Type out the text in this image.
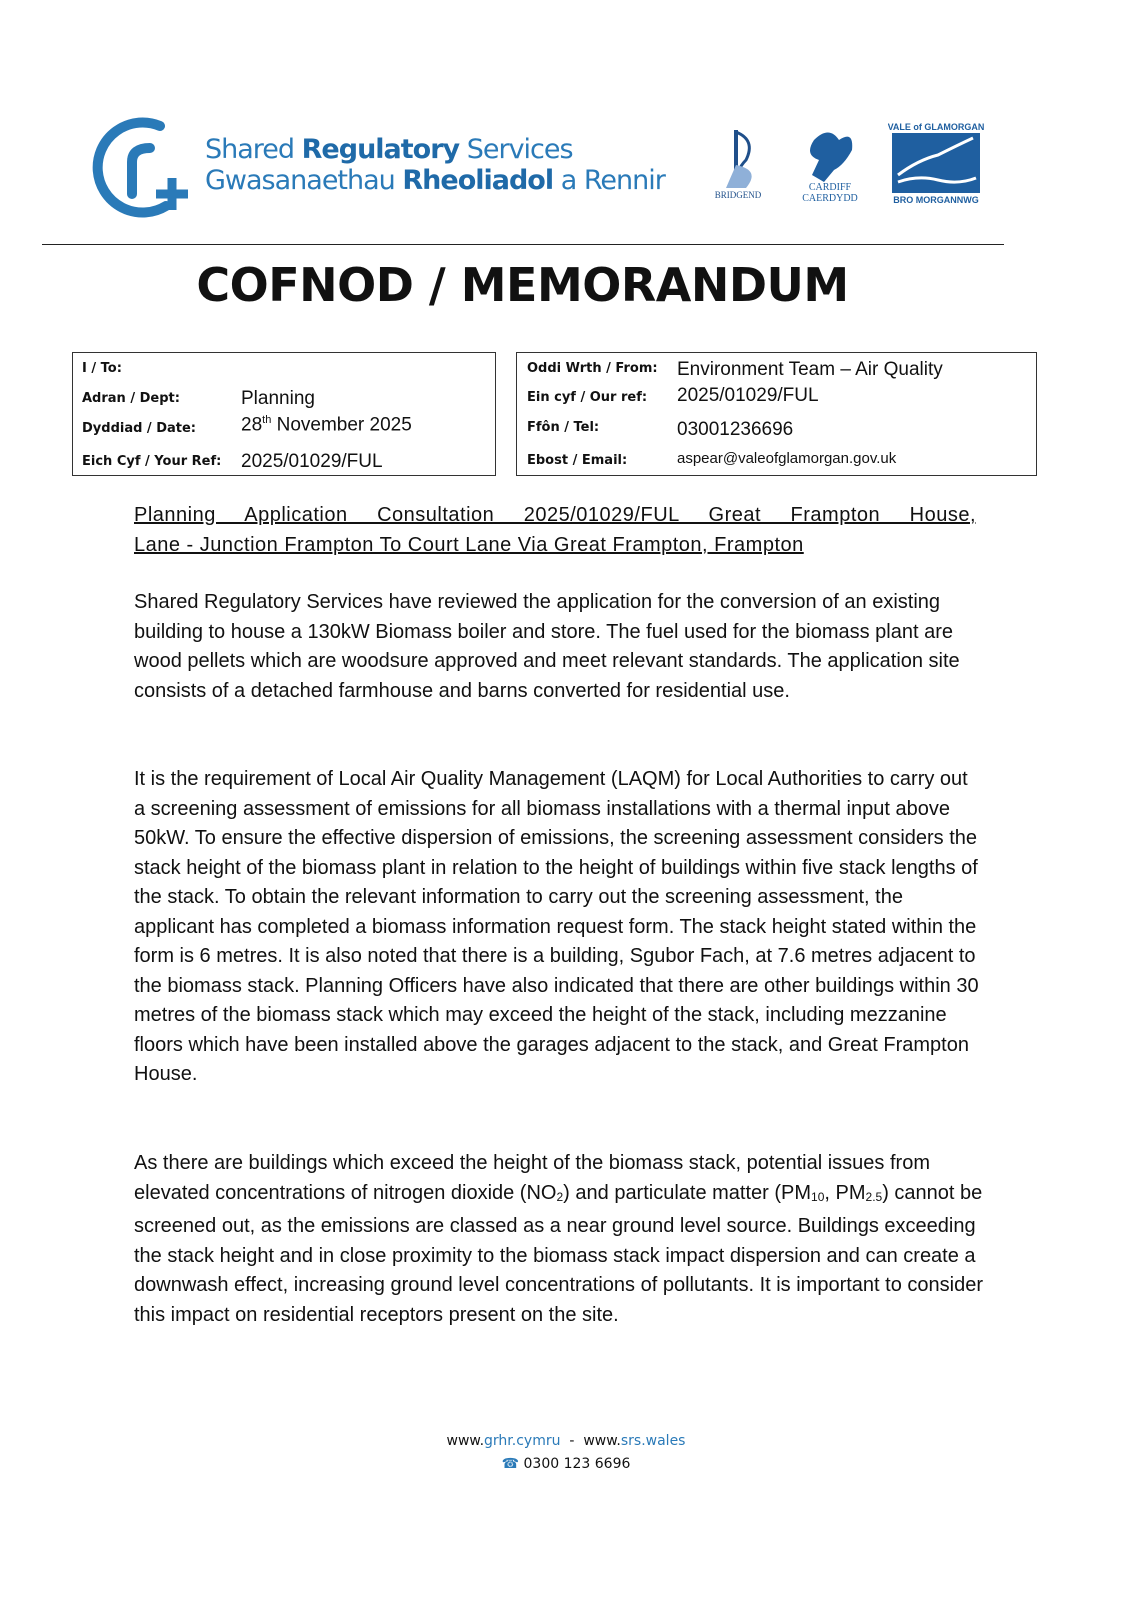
Shared Regulatory Services
Gwasanaethau Rheoliadol a Rennir	BRIDGEND
CARDIFF
CAERDYDD
VALE of GLAMORGAN
BRO MORGANNWG
COFNOD / MEMORANDUM
I / To:
Adran / Dept:	Planning
Dyddiad / Date: 28th November 2025
Eich Cyf / Your Ref: 2025/01029/FUL
Oddi Wrth / From: Environment Team – Air Quality
Ein cyf / Our ref: 2025/01029/FUL
Ffôn / Tel:	03001236696
Ebost / Email:	aspear@valeofglamorgan.gov.uk
Planning Application Consultation 2025/01029/FUL Great Frampton House,
Lane - Junction Frampton To Court Lane Via Great Frampton, Frampton

Shared Regulatory Services have reviewed the application for the conversion of an existing building to house a 130kW Biomass boiler and store. The fuel used for the biomass plant are wood pellets which are woodsure approved and meet relevant standards. The application site consists of a detached farmhouse and barns converted for residential use.

It is the requirement of Local Air Quality Management (LAQM) for Local Authorities to carry out a screening assessment of emissions for all biomass installations with a thermal input above 50kW. To ensure the effective dispersion of emissions, the screening assessment considers the stack height of the biomass plant in relation to the height of buildings within five stack lengths of the stack. To obtain the relevant information to carry out the screening assessment, the applicant has completed a biomass information request form. The stack height stated within the form is 6 metres. It is also noted that there is a building, Sgubor Fach, at 7.6 metres adjacent to the biomass stack. Planning Officers have also indicated that there are other buildings within 30 metres of the biomass stack which may exceed the height of the stack, including mezzanine floors which have been installed above the garages adjacent to the stack, and Great Frampton House.

As there are buildings which exceed the height of the biomass stack, potential issues from elevated concentrations of nitrogen dioxide $(NO_2)$ and particulate matter ($PM_{10}$, $PM_{2.5}$) cannot be screened out, as the emissions are classed as a near ground level source. Buildings exceeding the stack height and in close proximity to the biomass stack impact dispersion and can create a downwash effect, increasing ground level concentrations of pollutants. It is important to consider this impact on residential receptors present on the site.

www.grhr.cymru  -  www.srs.wales
☎ 0300 123 6696
